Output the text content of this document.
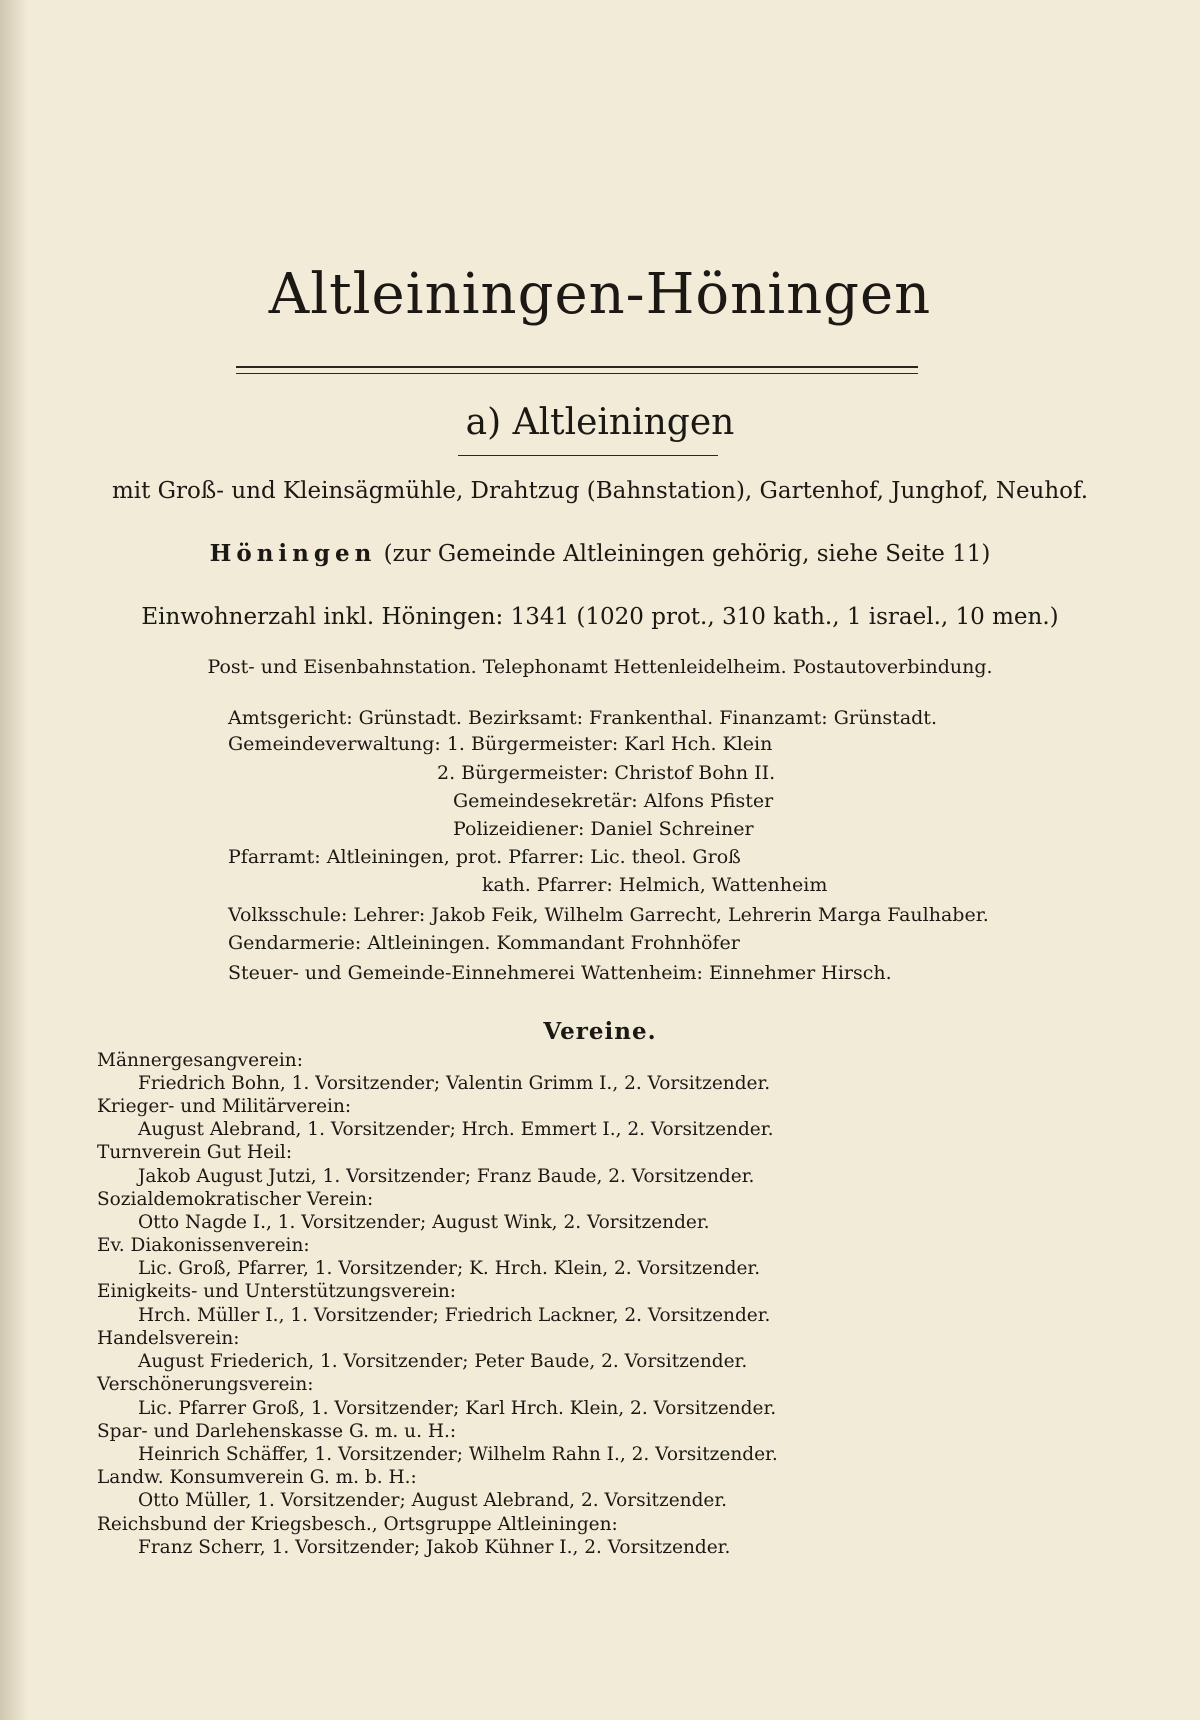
Altleiningen-Höningen
a) Altleiningen
mit Groß- und Kleinsägmühle, Drahtzug (Bahnstation), Gartenhof, Junghof, Neuhof.
Höningen (zur Gemeinde Altleiningen gehörig, siehe Seite 11)
Einwohnerzahl inkl. Höningen: 1341 (1020 prot., 310 kath., 1 israel., 10 men.)
Post- und Eisenbahnstation. Telephonamt Hettenleidelheim. Postautoverbindung.
Amtsgericht: Grünstadt. Bezirksamt: Frankenthal. Finanzamt: Grünstadt.
Gemeindeverwaltung: 1. Bürgermeister: Karl Hch. Klein
2. Bürgermeister: Christof Bohn II.
Gemeindesekretär: Alfons Pfister
Polizeidiener: Daniel Schreiner
Pfarramt: Altleiningen, prot. Pfarrer: Lic. theol. Groß
kath. Pfarrer: Helmich, Wattenheim
Volksschule: Lehrer: Jakob Feik, Wilhelm Garrecht, Lehrerin Marga Faulhaber.
Gendarmerie: Altleiningen. Kommandant Frohnhöfer
Steuer- und Gemeinde-Einnehmerei Wattenheim: Einnehmer Hirsch.
Vereine.
Männergesangverein:
Friedrich Bohn, 1. Vorsitzender; Valentin Grimm I., 2. Vorsitzender.
Krieger- und Militärverein:
August Alebrand, 1. Vorsitzender; Hrch. Emmert I., 2. Vorsitzender.
Turnverein Gut Heil:
Jakob August Jutzi, 1. Vorsitzender; Franz Baude, 2. Vorsitzender.
Sozialdemokratischer Verein:
Otto Nagde I., 1. Vorsitzender; August Wink, 2. Vorsitzender.
Ev. Diakonissenverein:
Lic. Groß, Pfarrer, 1. Vorsitzender; K. Hrch. Klein, 2. Vorsitzender.
Einigkeits- und Unterstützungsverein:
Hrch. Müller I., 1. Vorsitzender; Friedrich Lackner, 2. Vorsitzender.
Handelsverein:
August Friederich, 1. Vorsitzender; Peter Baude, 2. Vorsitzender.
Verschönerungsverein:
Lic. Pfarrer Groß, 1. Vorsitzender; Karl Hrch. Klein, 2. Vorsitzender.
Spar- und Darlehenskasse G. m. u. H.:
Heinrich Schäffer, 1. Vorsitzender; Wilhelm Rahn I., 2. Vorsitzender.
Landw. Konsumverein G. m. b. H.:
Otto Müller, 1. Vorsitzender; August Alebrand, 2. Vorsitzender.
Reichsbund der Kriegsbesch., Ortsgruppe Altleiningen:
Franz Scherr, 1. Vorsitzender; Jakob Kühner I., 2. Vorsitzender.
